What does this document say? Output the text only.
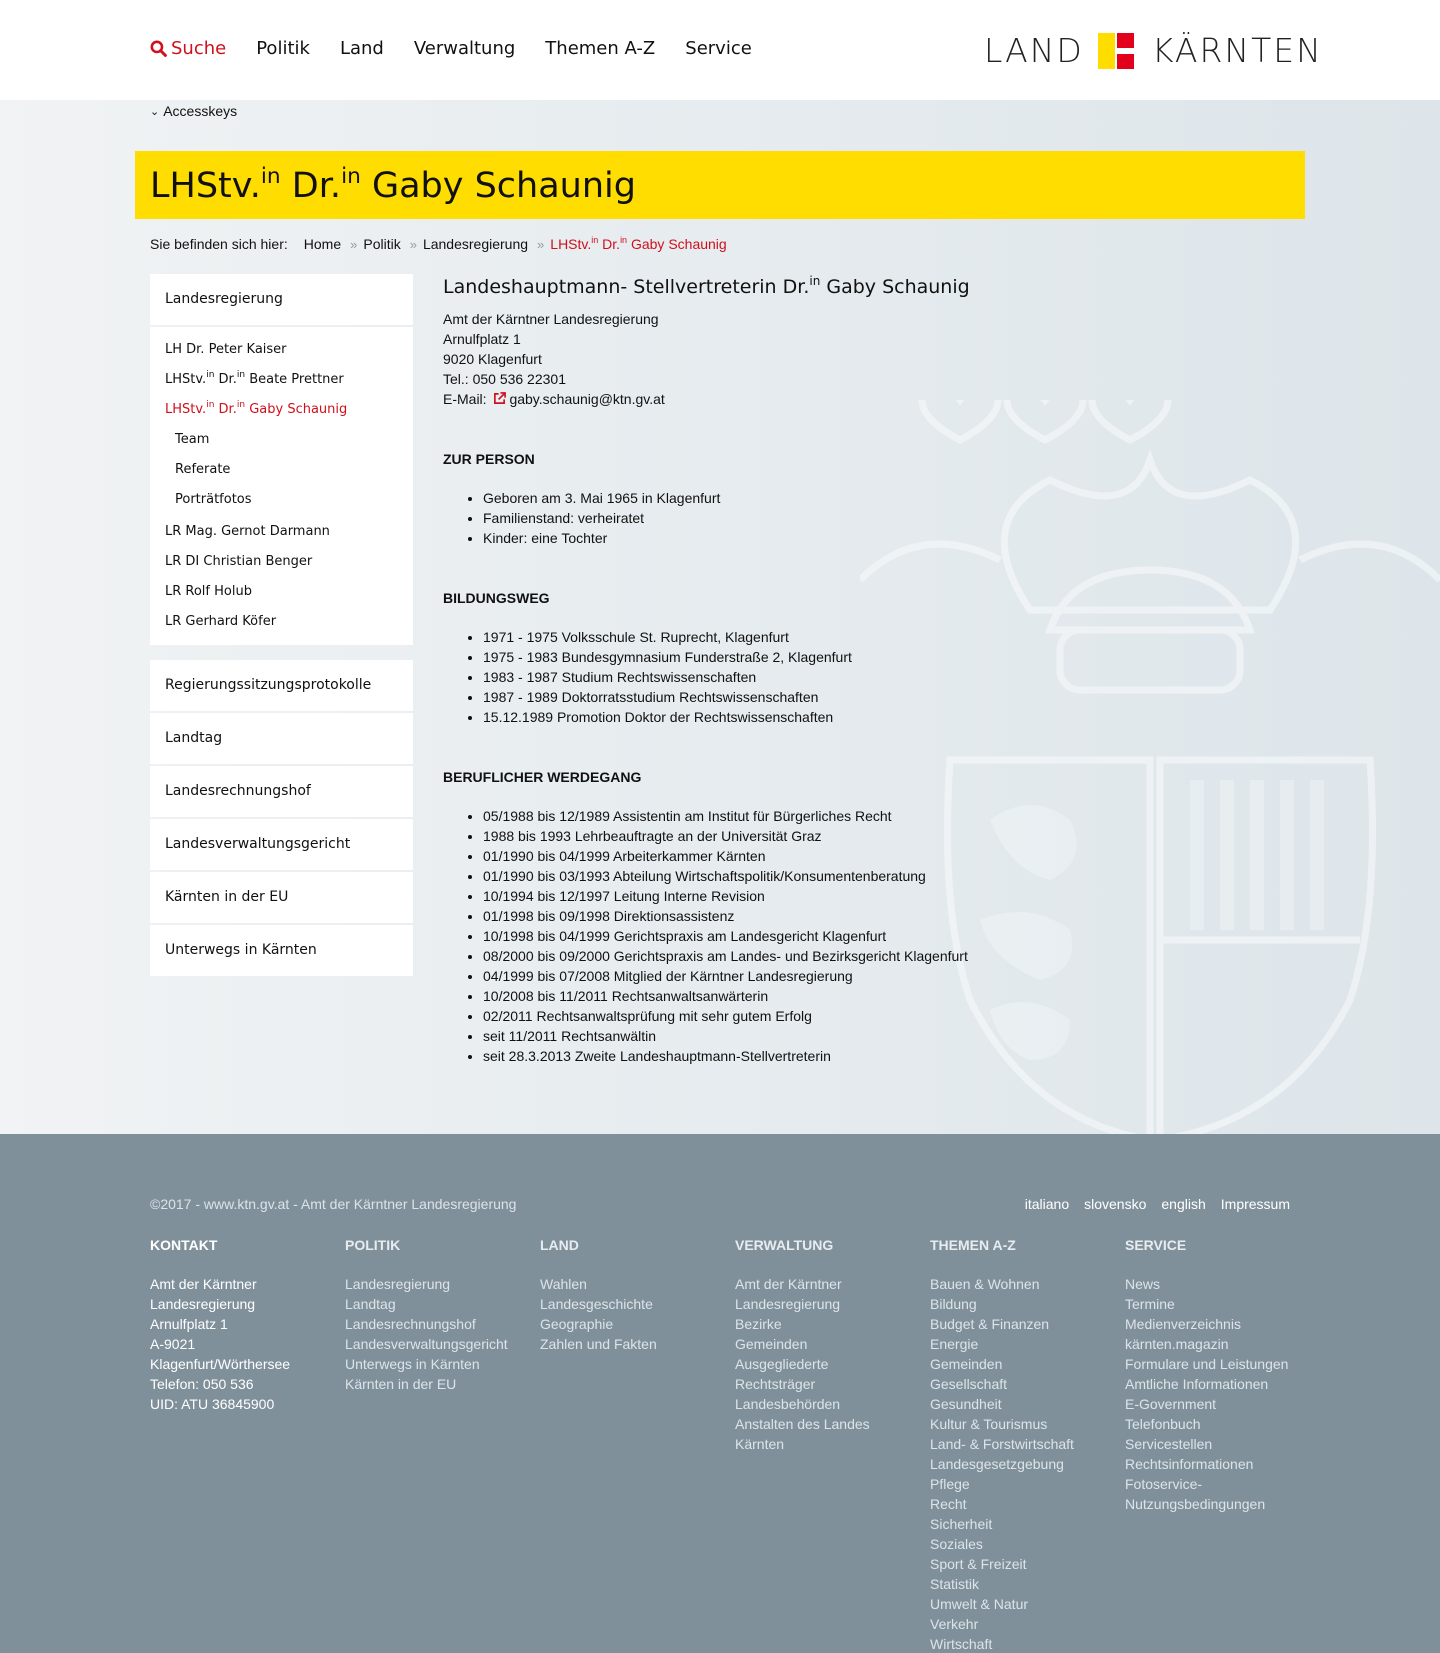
Suche Politik Land Verwaltung Themen A-Z Service	LAND KÄRNTEN
⌄ Accesskeys
LHStv.$^{in}$ Dr.$^{in}$ Gaby Schaunig
Sie befinden sich hier: Home » Politik » Landesregierung » LHStv.$^{in}$ Dr.$^{in}$ Gaby Schaunig
Landesregierung
LH Dr. Peter Kaiser
LHStv.$^{in}$ Dr.$^{in}$ Beate Prettner
LHStv.$^{in}$ Dr.$^{in}$ Gaby Schaunig
Team
Referate
Porträtfotos
LR Mag. Gernot Darmann
LR DI Christian Benger
LR Rolf Holub
LR Gerhard Köfer
Regierungssitzungsprotokolle
Landtag
Landesrechnungshof
Landesverwaltungsgericht
Kärnten in der EU
Unterwegs in Kärnten
Landeshauptmann- Stellvertreterin Dr.$^{in}$ Gaby Schaunig
Amt der Kärntner Landesregierung
Arnulfplatz 1
9020 Klagenfurt
Tel.: 050 536 22301
E-Mail: gaby.schaunig@ktn.gv.at
ZUR PERSON
• Geboren am 3. Mai 1965 in Klagenfurt
• Familienstand: verheiratet
• Kinder: eine Tochter
BILDUNGSWEG
• 1971 - 1975 Volksschule St. Ruprecht, Klagenfurt
• 1975 - 1983 Bundesgymnasium Funderstraße 2, Klagenfurt
• 1983 - 1987 Studium Rechtswissenschaften
• 1987 - 1989 Doktorratsstudium Rechtswissenschaften
• 15.12.1989 Promotion Doktor der Rechtswissenschaften
BERUFLICHER WERDEGANG
• 05/1988 bis 12/1989 Assistentin am Institut für Bürgerliches Recht
• 1988 bis 1993 Lehrbeauftragte an der Universität Graz
• 01/1990 bis 04/1999 Arbeiterkammer Kärnten
• 01/1990 bis 03/1993 Abteilung Wirtschaftspolitik/Konsumentenberatung
• 10/1994 bis 12/1997 Leitung Interne Revision
• 01/1998 bis 09/1998 Direktionsassistenz
• 10/1998 bis 04/1999 Gerichtspraxis am Landesgericht Klagenfurt
• 08/2000 bis 09/2000 Gerichtspraxis am Landes- und Bezirksgericht Klagenfurt
• 04/1999 bis 07/2008 Mitglied der Kärntner Landesregierung
• 10/2008 bis 11/2011 Rechtsanwaltsanwärterin
• 02/2011 Rechtsanwaltsprüfung mit sehr gutem Erfolg
• seit 11/2011 Rechtsanwältin
• seit 28.3.2013 Zweite Landeshauptmann-Stellvertreterin
©2017 - www.ktn.gv.at - Amt der Kärntner Landesregierung	italiano slovensko english Impressum
KONTAKT
Amt der Kärntner
Landesregierung
Arnulfplatz 1
A-9021
Klagenfurt/Wörthersee
Telefon: 050 536
UID: ATU 36845900
POLITIK
Landesregierung
Landtag
Landesrechnungshof
Landesverwaltungsgericht
Unterwegs in Kärnten
Kärnten in der EU
LAND
Wahlen
Landesgeschichte
Geographie
Zahlen und Fakten
VERWALTUNG
Amt der Kärntner
Landesregierung
Bezirke
Gemeinden
Ausgegliederte
Rechtsträger
Landesbehörden
Anstalten des Landes
Kärnten
THEMEN A-Z
Bauen & Wohnen
Bildung
Budget & Finanzen
Energie
Gemeinden
Gesellschaft
Gesundheit
Kultur & Tourismus
Land- & Forstwirtschaft
Landesgesetzgebung
Pflege
Recht
Sicherheit
Soziales
Sport & Freizeit
Statistik
Umwelt & Natur
Verkehr
Wirtschaft
SERVICE
News
Termine
Medienverzeichnis
kärnten.magazin
Formulare und Leistungen
Amtliche Informationen
E-Government
Telefonbuch
Servicestellen
Rechtsinformationen
Fotoservice-
Nutzungsbedingungen
